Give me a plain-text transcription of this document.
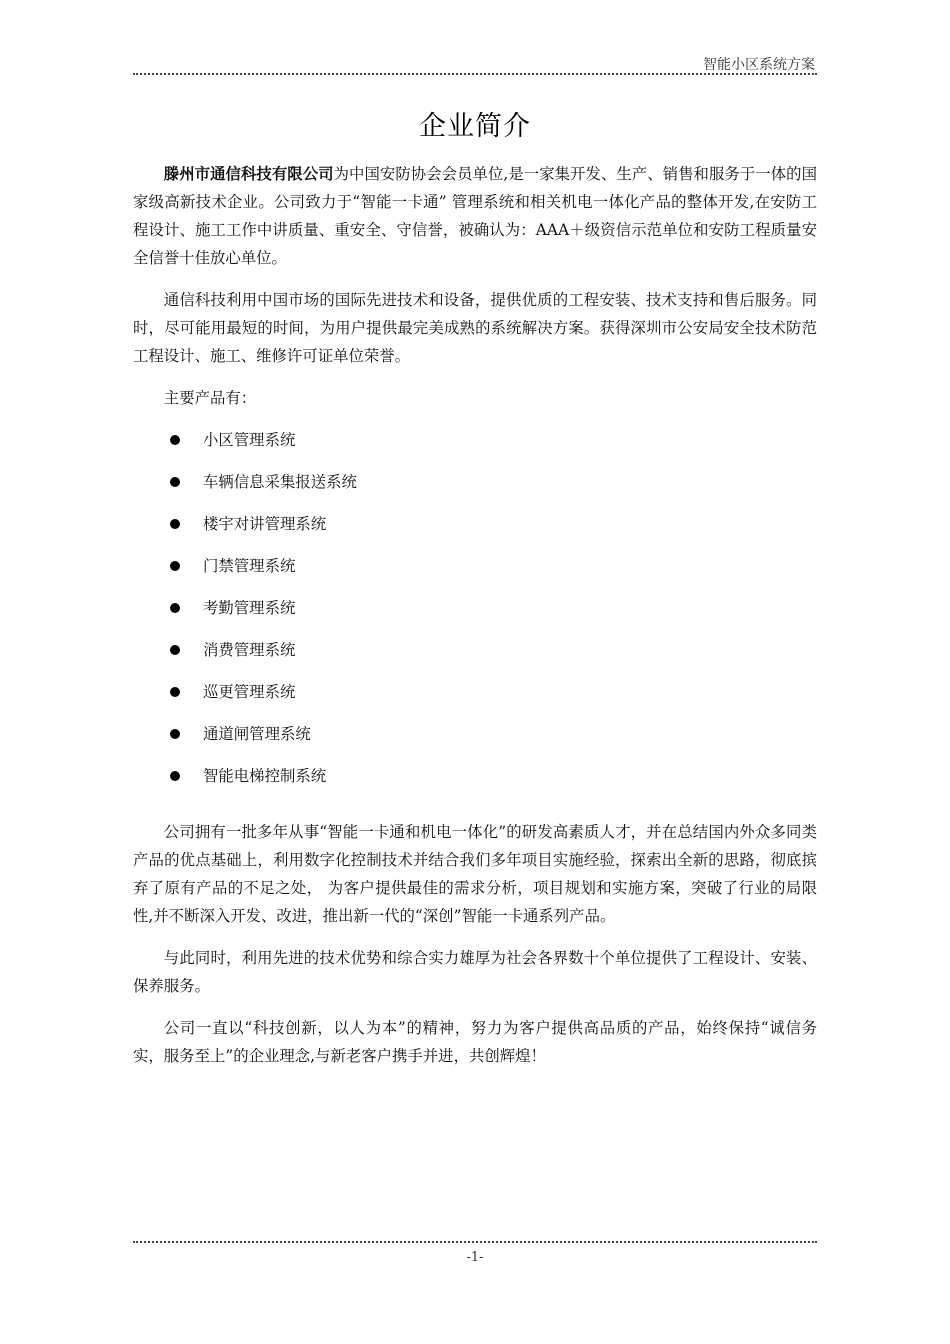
智能小区系统方案
企业简介

滕州市通信科技有限公司为中国安防协会会员单位,是一家集开发、生产、销售和服务于一体的国家级高新技术企业。公司致力于“智能一卡通” 管理系统和相关机电一体化产品的整体开发,在安防工程设计、施工工作中讲质量、重安全、守信誉，被确认为：AAA＋级资信示范单位和安防工程质量安全信誉十佳放心单位。

通信科技利用中国市场的国际先进技术和设备，提供优质的工程安装、技术支持和售后服务。同时，尽可能用最短的时间，为用户提供最完美成熟的系统解决方案。获得深圳市公安局安全技术防范工程设计、施工、维修许可证单位荣誉。

主要产品有：

小区管理系统
车辆信息采集报送系统
楼宇对讲管理系统
门禁管理系统
考勤管理系统
消费管理系统
巡更管理系统
通道闸管理系统
智能电梯控制系统

公司拥有一批多年从事“智能一卡通和机电一体化”的研发高素质人才，并在总结国内外众多同类产品的优点基础上，利用数字化控制技术并结合我们多年项目实施经验，探索出全新的思路，彻底摈弃了原有产品的不足之处， 为客户提供最佳的需求分析，项目规划和实施方案，突破了行业的局限性,并不断深入开发、改进，推出新一代的“深创”智能一卡通系列产品。

与此同时，利用先进的技术优势和综合实力雄厚为社会各界数十个单位提供了工程设计、安装、保养服务。

公司一直以“科技创新，以人为本”的精神，努力为客户提供高品质的产品，始终保持“诚信务实，服务至上”的企业理念,与新老客户携手并进，共创辉煌！

-1-
